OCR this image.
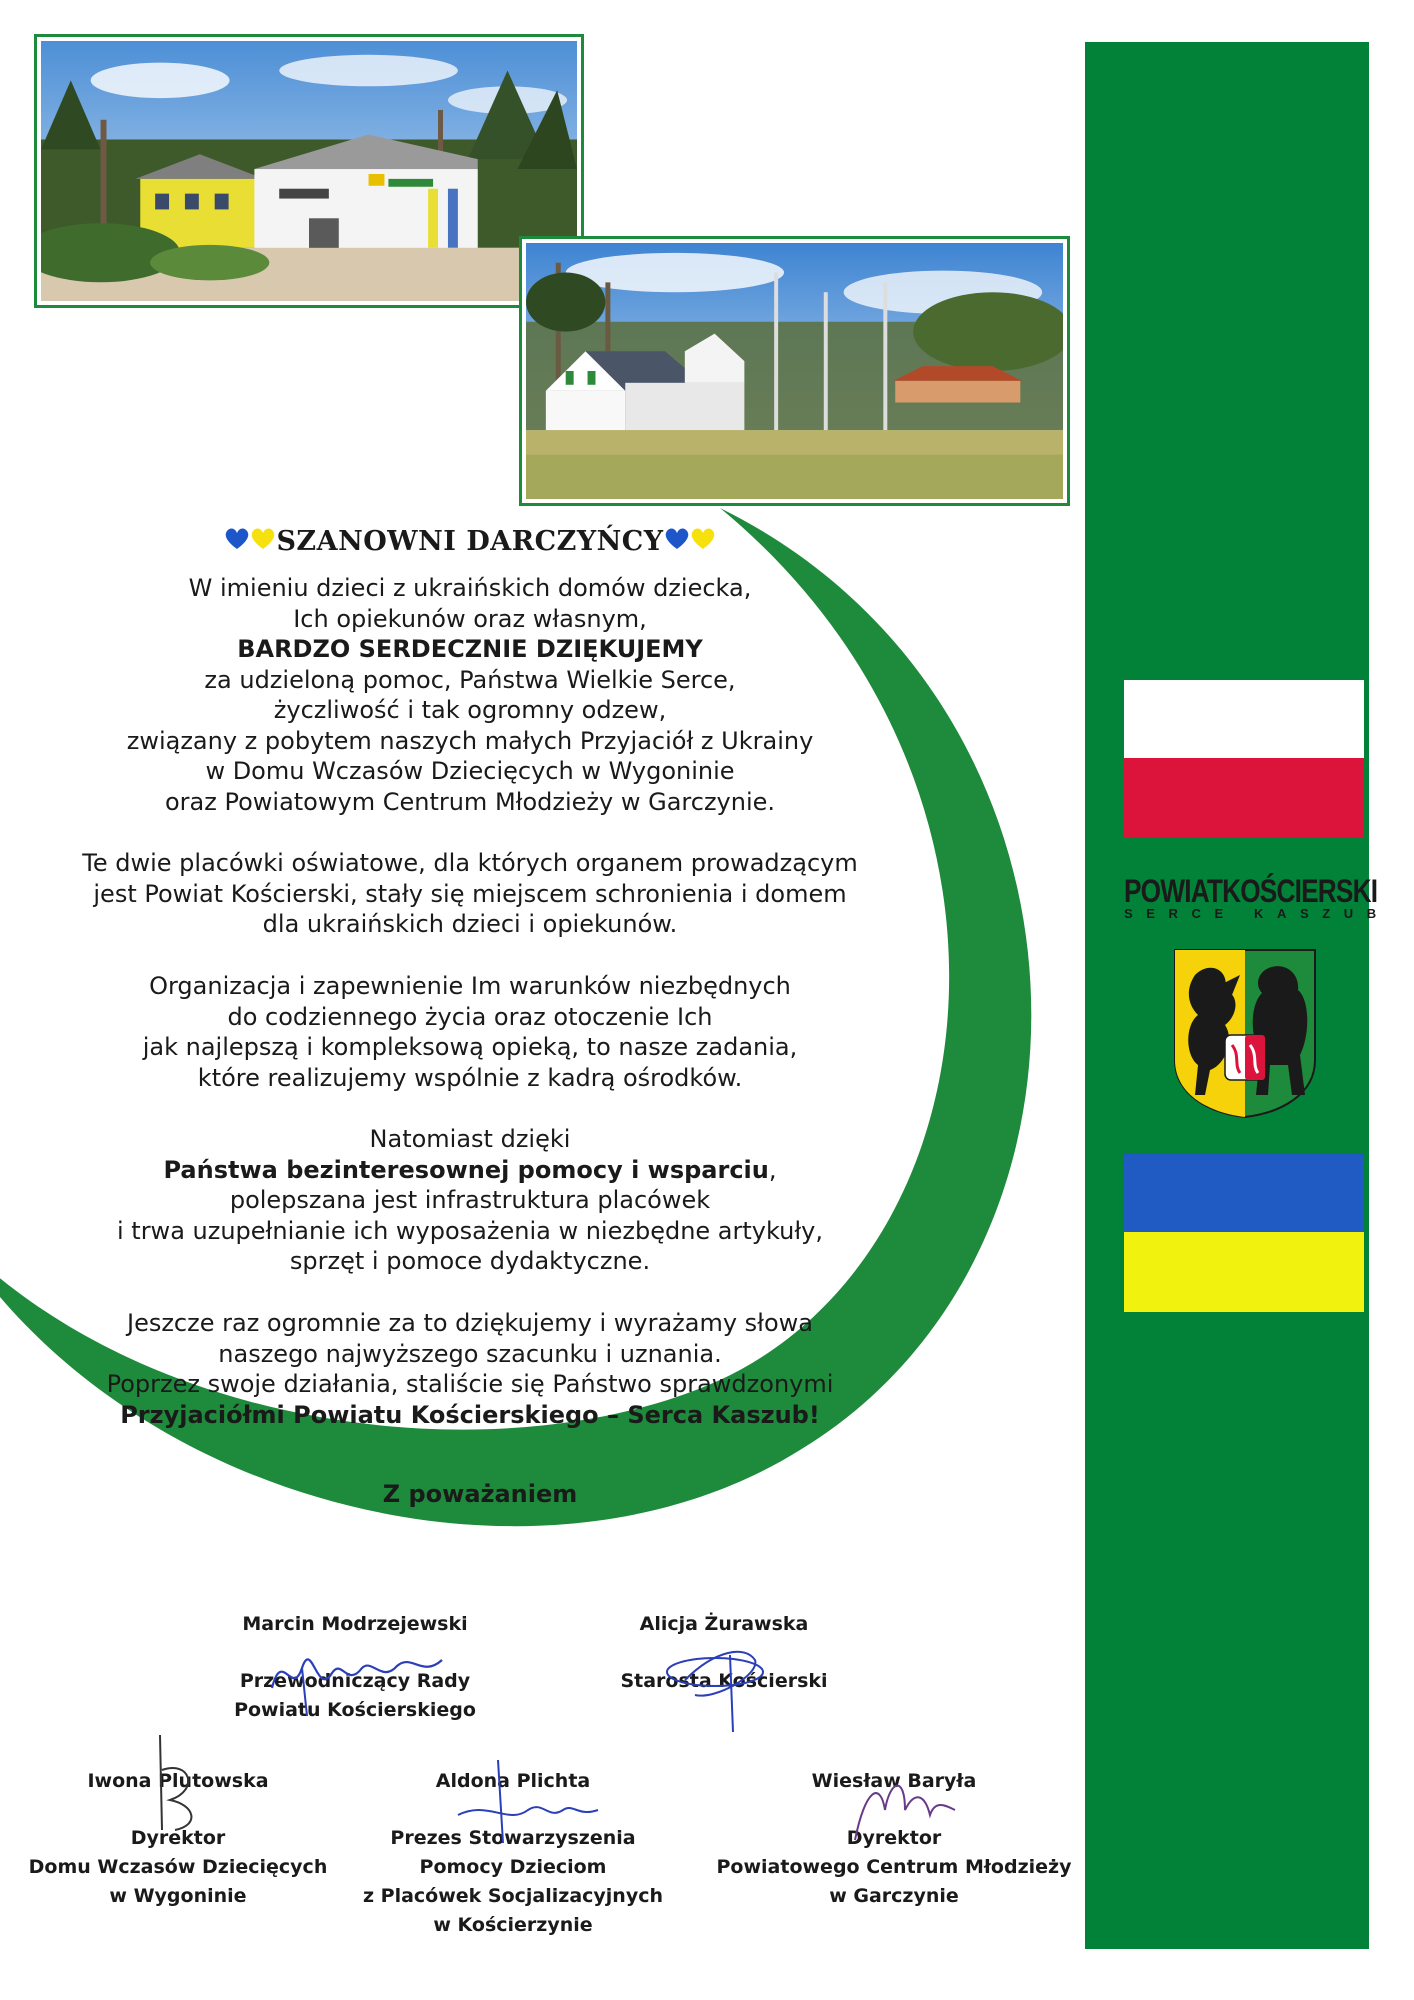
SZANOWNI DARCZYŃCY
W imieniu dzieci z ukraińskich domów dziecka,
Ich opiekunów oraz własnym,
BARDZO SERDECZNIE DZIĘKUJEMY
za udzieloną pomoc, Państwa Wielkie Serce,
życzliwość i tak ogromny odzew,
związany z pobytem naszych małych Przyjaciół z Ukrainy
w Domu Wczasów Dziecięcych w Wygoninie
oraz Powiatowym Centrum Młodzieży w Garczynie.
Te dwie placówki oświatowe, dla których organem prowadzącym
jest Powiat Kościerski, stały się miejscem schronienia i domem
dla ukraińskich dzieci i opiekunów.
Organizacja i zapewnienie Im warunków niezbędnych
do codziennego życia oraz otoczenie Ich
jak najlepszą i kompleksową opieką, to nasze zadania,
które realizujemy wspólnie z kadrą ośrodków.
Natomiast dzięki
Państwa bezinteresownej pomocy i wsparciu,
polepszana jest infrastruktura placówek
i trwa uzupełnianie ich wyposażenia w niezbędne artykuły,
sprzęt i pomoce dydaktyczne.
Jeszcze raz ogromnie za to dziękujemy i wyrażamy słowa
naszego najwyższego szacunku i uznania.
Poprzez swoje działania, staliście się Państwo sprawdzonymi
Przyjaciółmi Powiatu Kościerskiego – Serca Kaszub!
Z poważaniem
Marcin Modrzejewski
Przewodniczący Rady
Powiatu Kościerskiego
Alicja Żurawska
Starosta Kościerski
Iwona Plutowska
Dyrektor
Domu Wczasów Dziecięcych
w Wygoninie
Aldona Plichta
Prezes Stowarzyszenia
Pomocy Dzieciom
z Placówek Socjalizacyjnych
w Kościerzynie
Wiesław Baryła
Dyrektor
Powiatowego Centrum Młodzieży
w Garczynie
POWIATKOŚCIERSKI
SERCE KASZUB
